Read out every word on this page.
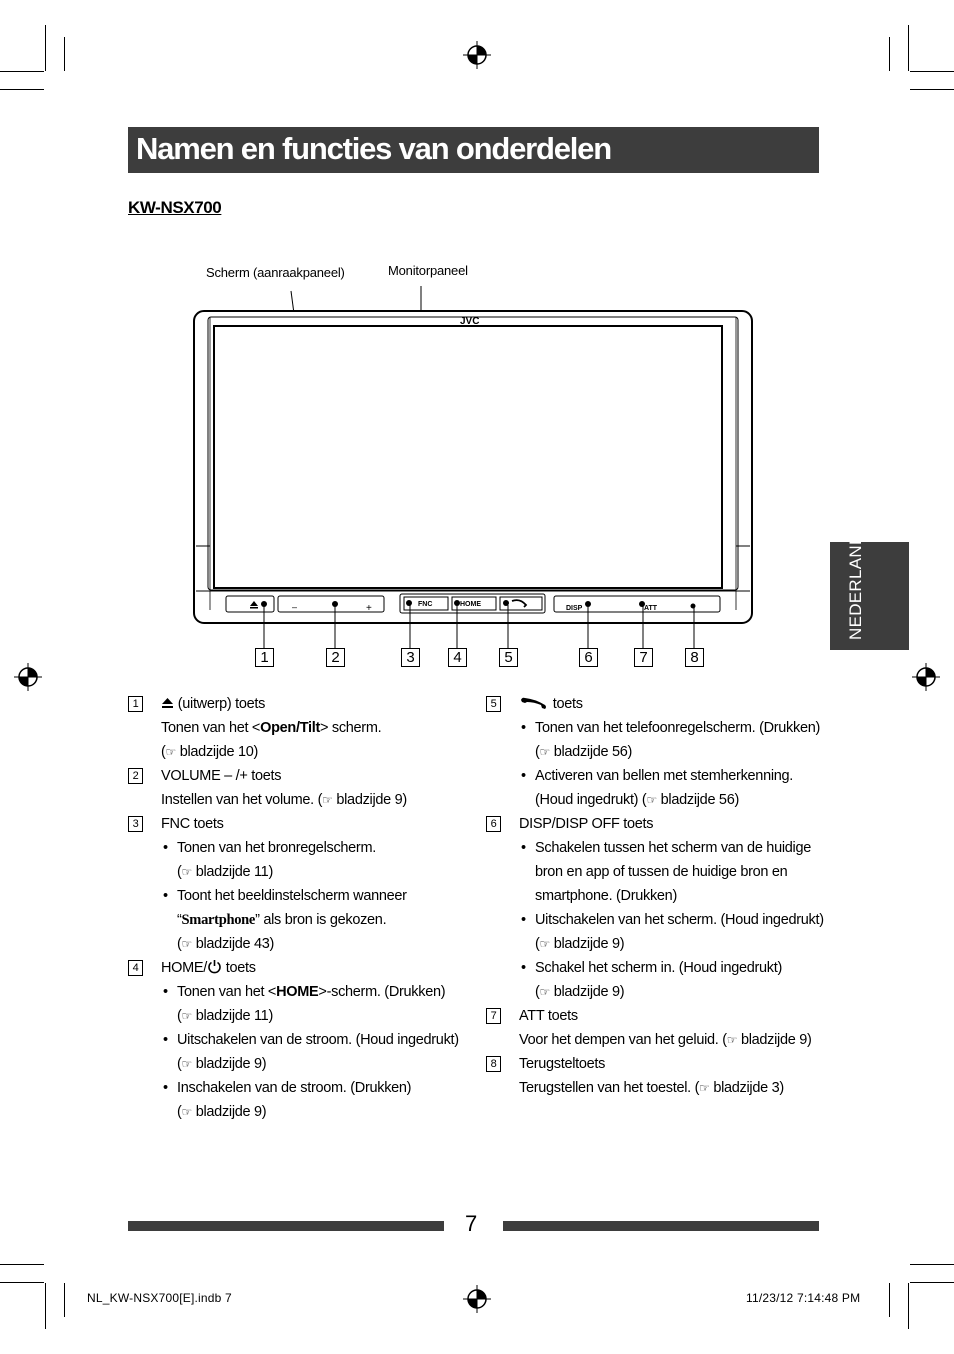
Namen en functies van onderdelen
KW-NSX700
NEDERLANDS
Scherm (aanraakpaneel)	Monitorpaneel
JVC
–	+	FNC	HOME
DISP	ATT
1	2	3	4	5	6	7	8
1	(uitwerp) toets
Tonen van het <Open/Tilt> scherm.
(☞ bladzijde 10)
2	VOLUME – /+ toets
Instellen van het volume. (☞ bladzijde 9)
3	FNC toets
• Tonen van het bronregelscherm.
(☞ bladzijde 11)
• Toont het beeldinstelscherm wanneer
“Smartphone” als bron is gekozen.
(☞ bladzijde 43)
4	HOME/ toets
• Tonen van het <HOME>-scherm. (Drukken)
(☞ bladzijde 11)
• Uitschakelen van de stroom. (Houd ingedrukt)
(☞ bladzijde 9)
• Inschakelen van de stroom. (Drukken)
(☞ bladzijde 9)
5	toets
• Tonen van het telefoonregelscherm. (Drukken)
(☞ bladzijde 56)
• Activeren van bellen met stemherkenning.
(Houd ingedrukt) (☞ bladzijde 56)
6	DISP/DISP OFF toets
• Schakelen tussen het scherm van de huidige
bron en app of tussen de huidige bron en
smartphone. (Drukken)
• Uitschakelen van het scherm. (Houd ingedrukt)
(☞ bladzijde 9)
• Schakel het scherm in. (Houd ingedrukt)
(☞ bladzijde 9)
7	ATT toets
Voor het dempen van het geluid. (☞ bladzijde 9)
8	Terugsteltoets
Terugstellen van het toestel. (☞ bladzijde 3)
7
NL_KW-NSX700[E].indb 7	11/23/12 7:14:48 PM
